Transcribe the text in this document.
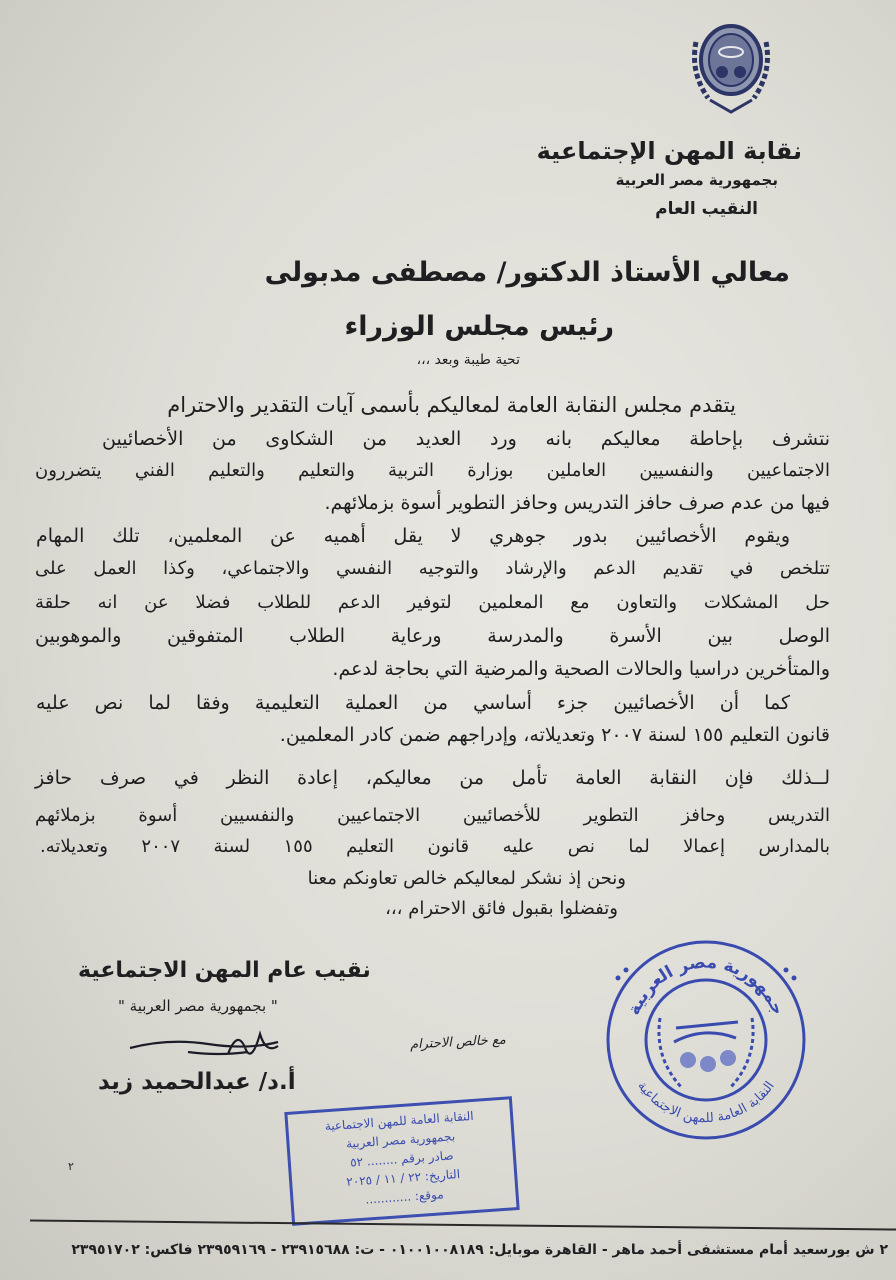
نقابة المهن الإجتماعية
بجمهورية مصر العربية
النقيب العام
معالي الأستاذ الدكتور/ مصطفى مدبولى
رئيس مجلس الوزراء
تحية طيبة وبعد ،،،
يتقدم مجلس النقابة العامة لمعاليكم بأسمى آيات التقدير والاحترام
نتشرف بإحاطة معاليكم بانه ورد العديد من الشكاوى من الأخصائيين
الاجتماعيين والنفسيين العاملين بوزارة التربية والتعليم والتعليم الفني يتضررون
فيها من عدم صرف حافز التدريس وحافز التطوير أسوة بزملائهم.
ويقوم الأخصائيين بدور جوهري لا يقل أهميه عن المعلمين، تلك المهام
تتلخص في تقديم الدعم والإرشاد والتوجيه النفسي والاجتماعي، وكذا العمل على
حل المشكلات والتعاون مع المعلمين لتوفير الدعم للطلاب فضلا عن انه حلقة
الوصل بين الأسرة والمدرسة ورعاية الطلاب المتفوقين والموهوبين
والمتأخرين دراسيا والحالات الصحية والمرضية التي بحاجة لدعم.
كما أن الأخصائيين جزء أساسي من العملية التعليمية وفقا لما نص عليه
قانون التعليم ١٥٥ لسنة ٢٠٠٧ وتعديلاته، وإدراجهم ضمن كادر المعلمين.
لــذلك فإن النقابة العامة تأمل من معاليكم، إعادة النظر في صرف حافز
التدريس وحافز التطوير للأخصائيين الاجتماعيين والنفسيين أسوة بزملائهم
بالمدارس إعمالا لما نص عليه قانون التعليم ١٥٥ لسنة ٢٠٠٧ وتعديلاته.
ونحن إذ نشكر لمعاليكم خالص تعاونكم معنا
وتفضلوا بقبول فائق الاحترام ،،،
نقيب عام المهن الاجتماعية
" بجمهورية مصر العربية "
مع خالص الاحترام
أ.د/ عبدالحميد زيد
جمهورية مصر العربية
النقابة العامة للمهن الاجتماعية
النقابة العامة للمهن الاجتماعية
بجمهورية مصر العربية
صادر برقم ........ ٥٢
التاريخ: ٢٢ / ١١ / ٢٠٢٥
موقع: ............
٢
٢ ش بورسعيد أمام مستشفى أحمد ماهر - القاهرة موبايل: ٠١٠٠١٠٠٨١٨٩ - ت: ٢٣٩١٥٦٨٨ - ٢٣٩٥٩١٦٩ فاكس: ٢٣٩٥١٧٠٢
